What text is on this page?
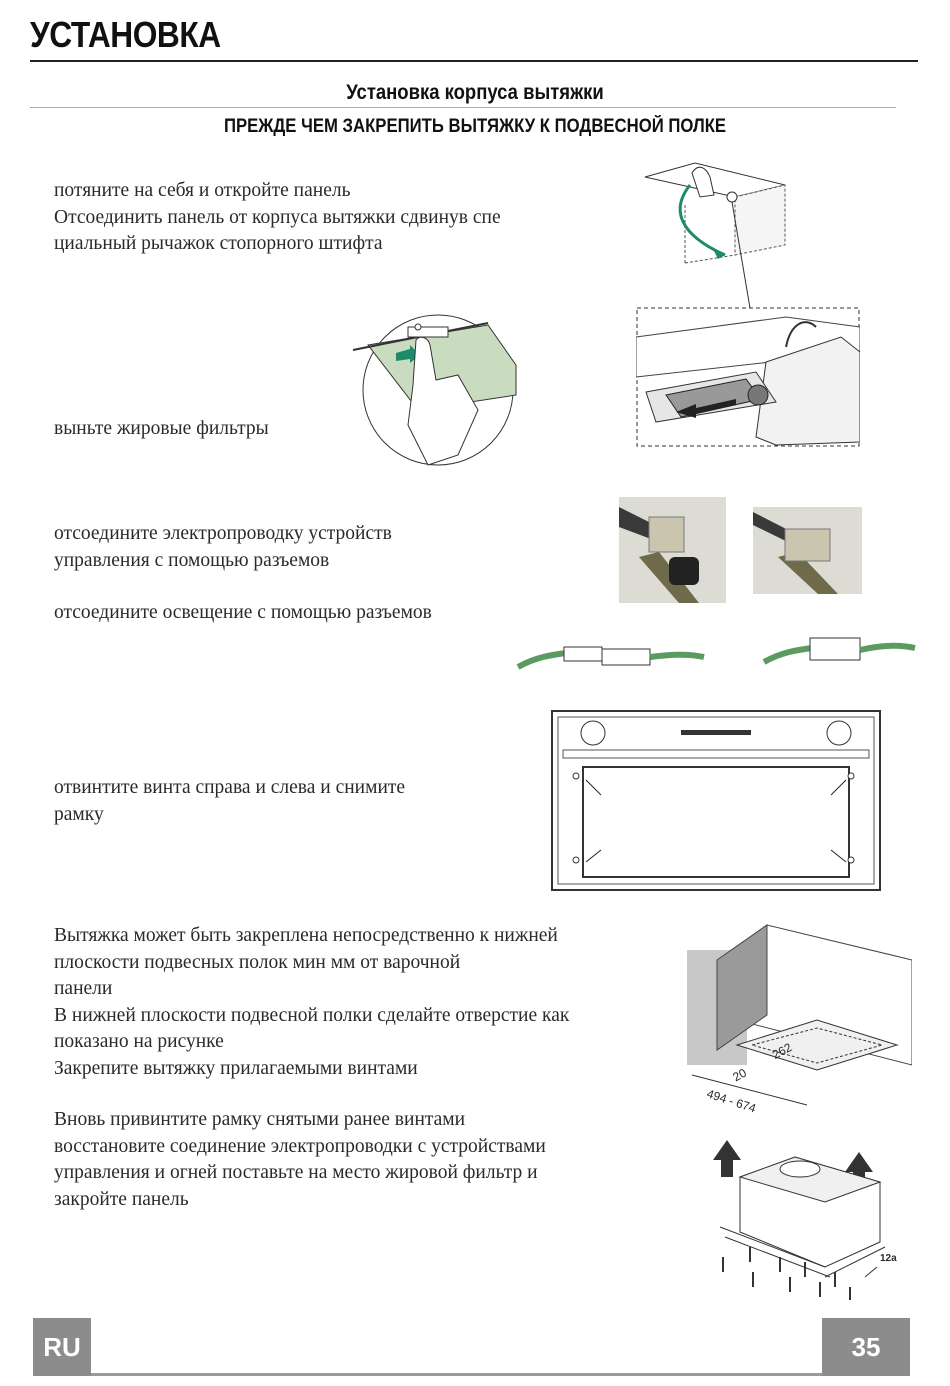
УСТАНОВКА
Установка корпуса вытяжки
ПРЕЖДЕ ЧЕМ ЗАКРЕПИТЬ ВЫТЯЖКУ К ПОДВЕСНОЙ ПОЛКЕ
потяните на себя и откройте панель
Отсоединить панель от корпуса вытяжки сдвинув спе
циальный рычажок стопорного штифта
выньте жировые фильтры
отсоедините электропроводку устройств
управления с помощью разъемов
отсоедините освещение с помощью разъемов
отвинтите винта справа и слева и снимите
рамку
Вытяжка может быть закреплена непосредственно к нижней
плоскости подвесных полок мин мм от варочной
панели
В нижней плоскости подвесной полки сделайте отверстие как
показано на рисунке
Закрепите вытяжку прилагаемыми винтами
Вновь привинтите рамку снятыми ранее винтами
восстановите соединение электропроводки с устройствами
управления и огней поставьте на место жировой фильтр и
закройте панель
262
20
494 - 674
12a
RU	35
